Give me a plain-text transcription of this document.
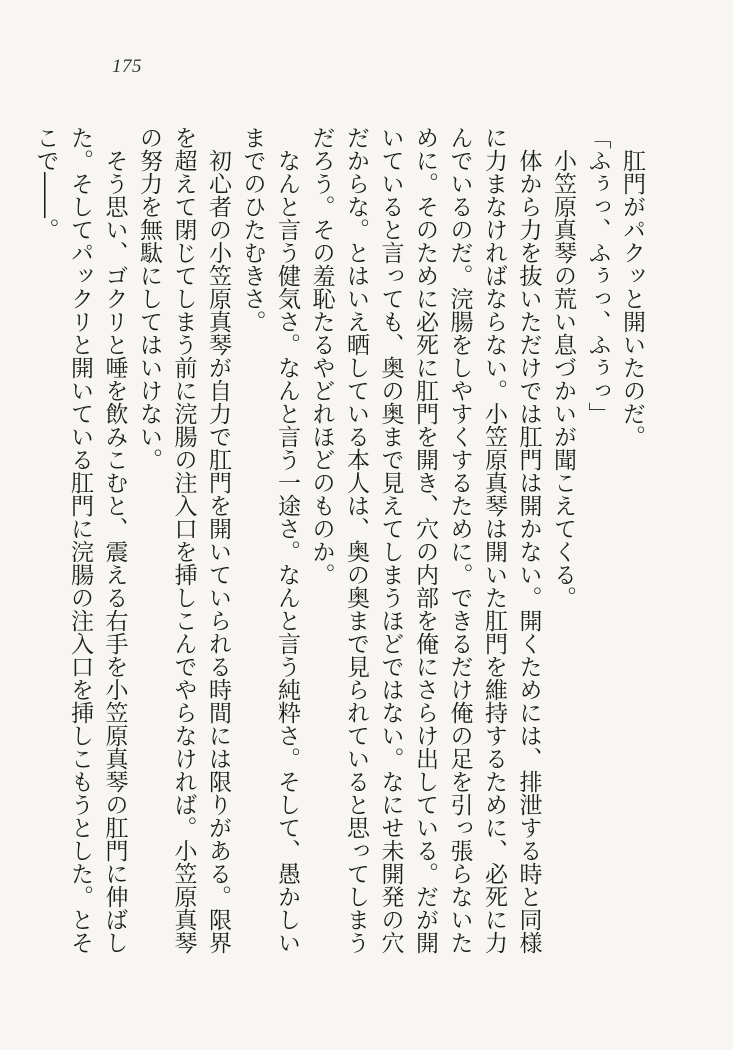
175

肛門がパクッと開いたのだ。

「ふぅっ、ふぅっ、ふぅっ」

小笠原真琴の荒い息づかいが聞こえてくる。

体から力を抜いただけでは肛門は開かない。開くためには、排泄する時と同様に力まなければならない。小笠原真琴は開いた肛門を維持するために、必死に力んでいるのだ。浣腸をしやすくするために。できるだけ俺の足を引っ張らないために。そのために必死に肛門を開き、穴の内部を俺にさらけ出している。だが開いていると言っても、奥の奥まで見えてしまうほどではない。なにせ未開発の穴だからな。とはいえ晒している本人は、奥の奥まで見られていると思ってしまうだろう。その羞恥たるやどれほどのものか。

なんと言う健気さ。なんと言う一途さ。なんと言う純粋さ。そして、愚かしいまでのひたむきさ。

初心者の小笠原真琴が自力で肛門を開いていられる時間には限りがある。限界を超えて閉じてしまう前に浣腸の注入口を挿しこんでやらなければ。小笠原真琴の努力を無駄にしてはいけない。

そう思い、ゴクリと唾を飲みこむと、震える右手を小笠原真琴の肛門に伸ばした。そしてパックリと開いている肛門に浣腸の注入口を挿しこもうとした。とそこで――。
